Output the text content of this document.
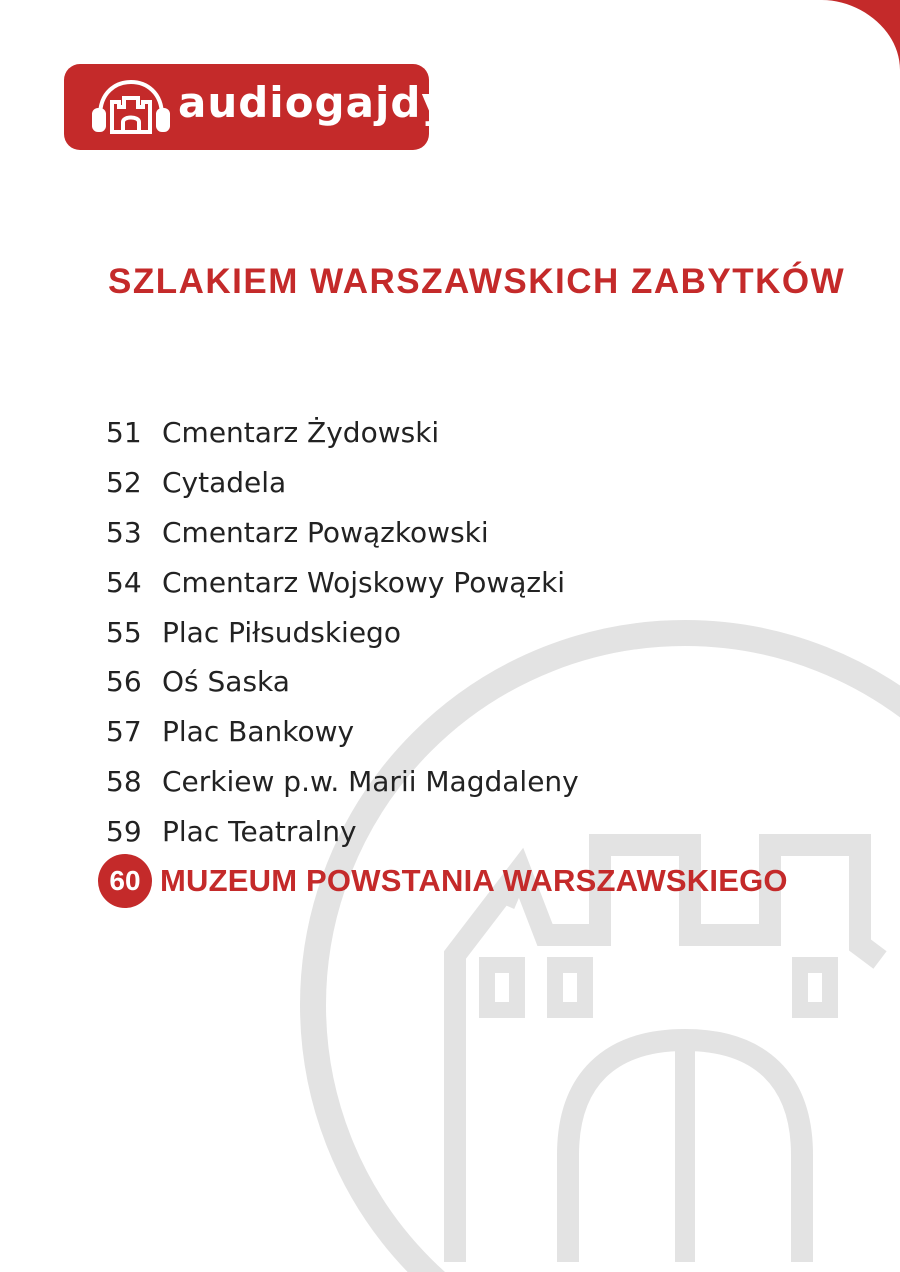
audiogajdy
SZLAKIEM WARSZAWSKICH ZABYTKÓW
51 Cmentarz Żydowski
52 Cytadela
53 Cmentarz Powązkowski
54 Cmentarz Wojskowy Powązki
55 Plac Piłsudskiego
56 Oś Saska
57 Plac Bankowy
58 Cerkiew p.w. Marii Magdaleny
59 Plac Teatralny
60 MUZEUM POWSTANIA WARSZAWSKIEGO
